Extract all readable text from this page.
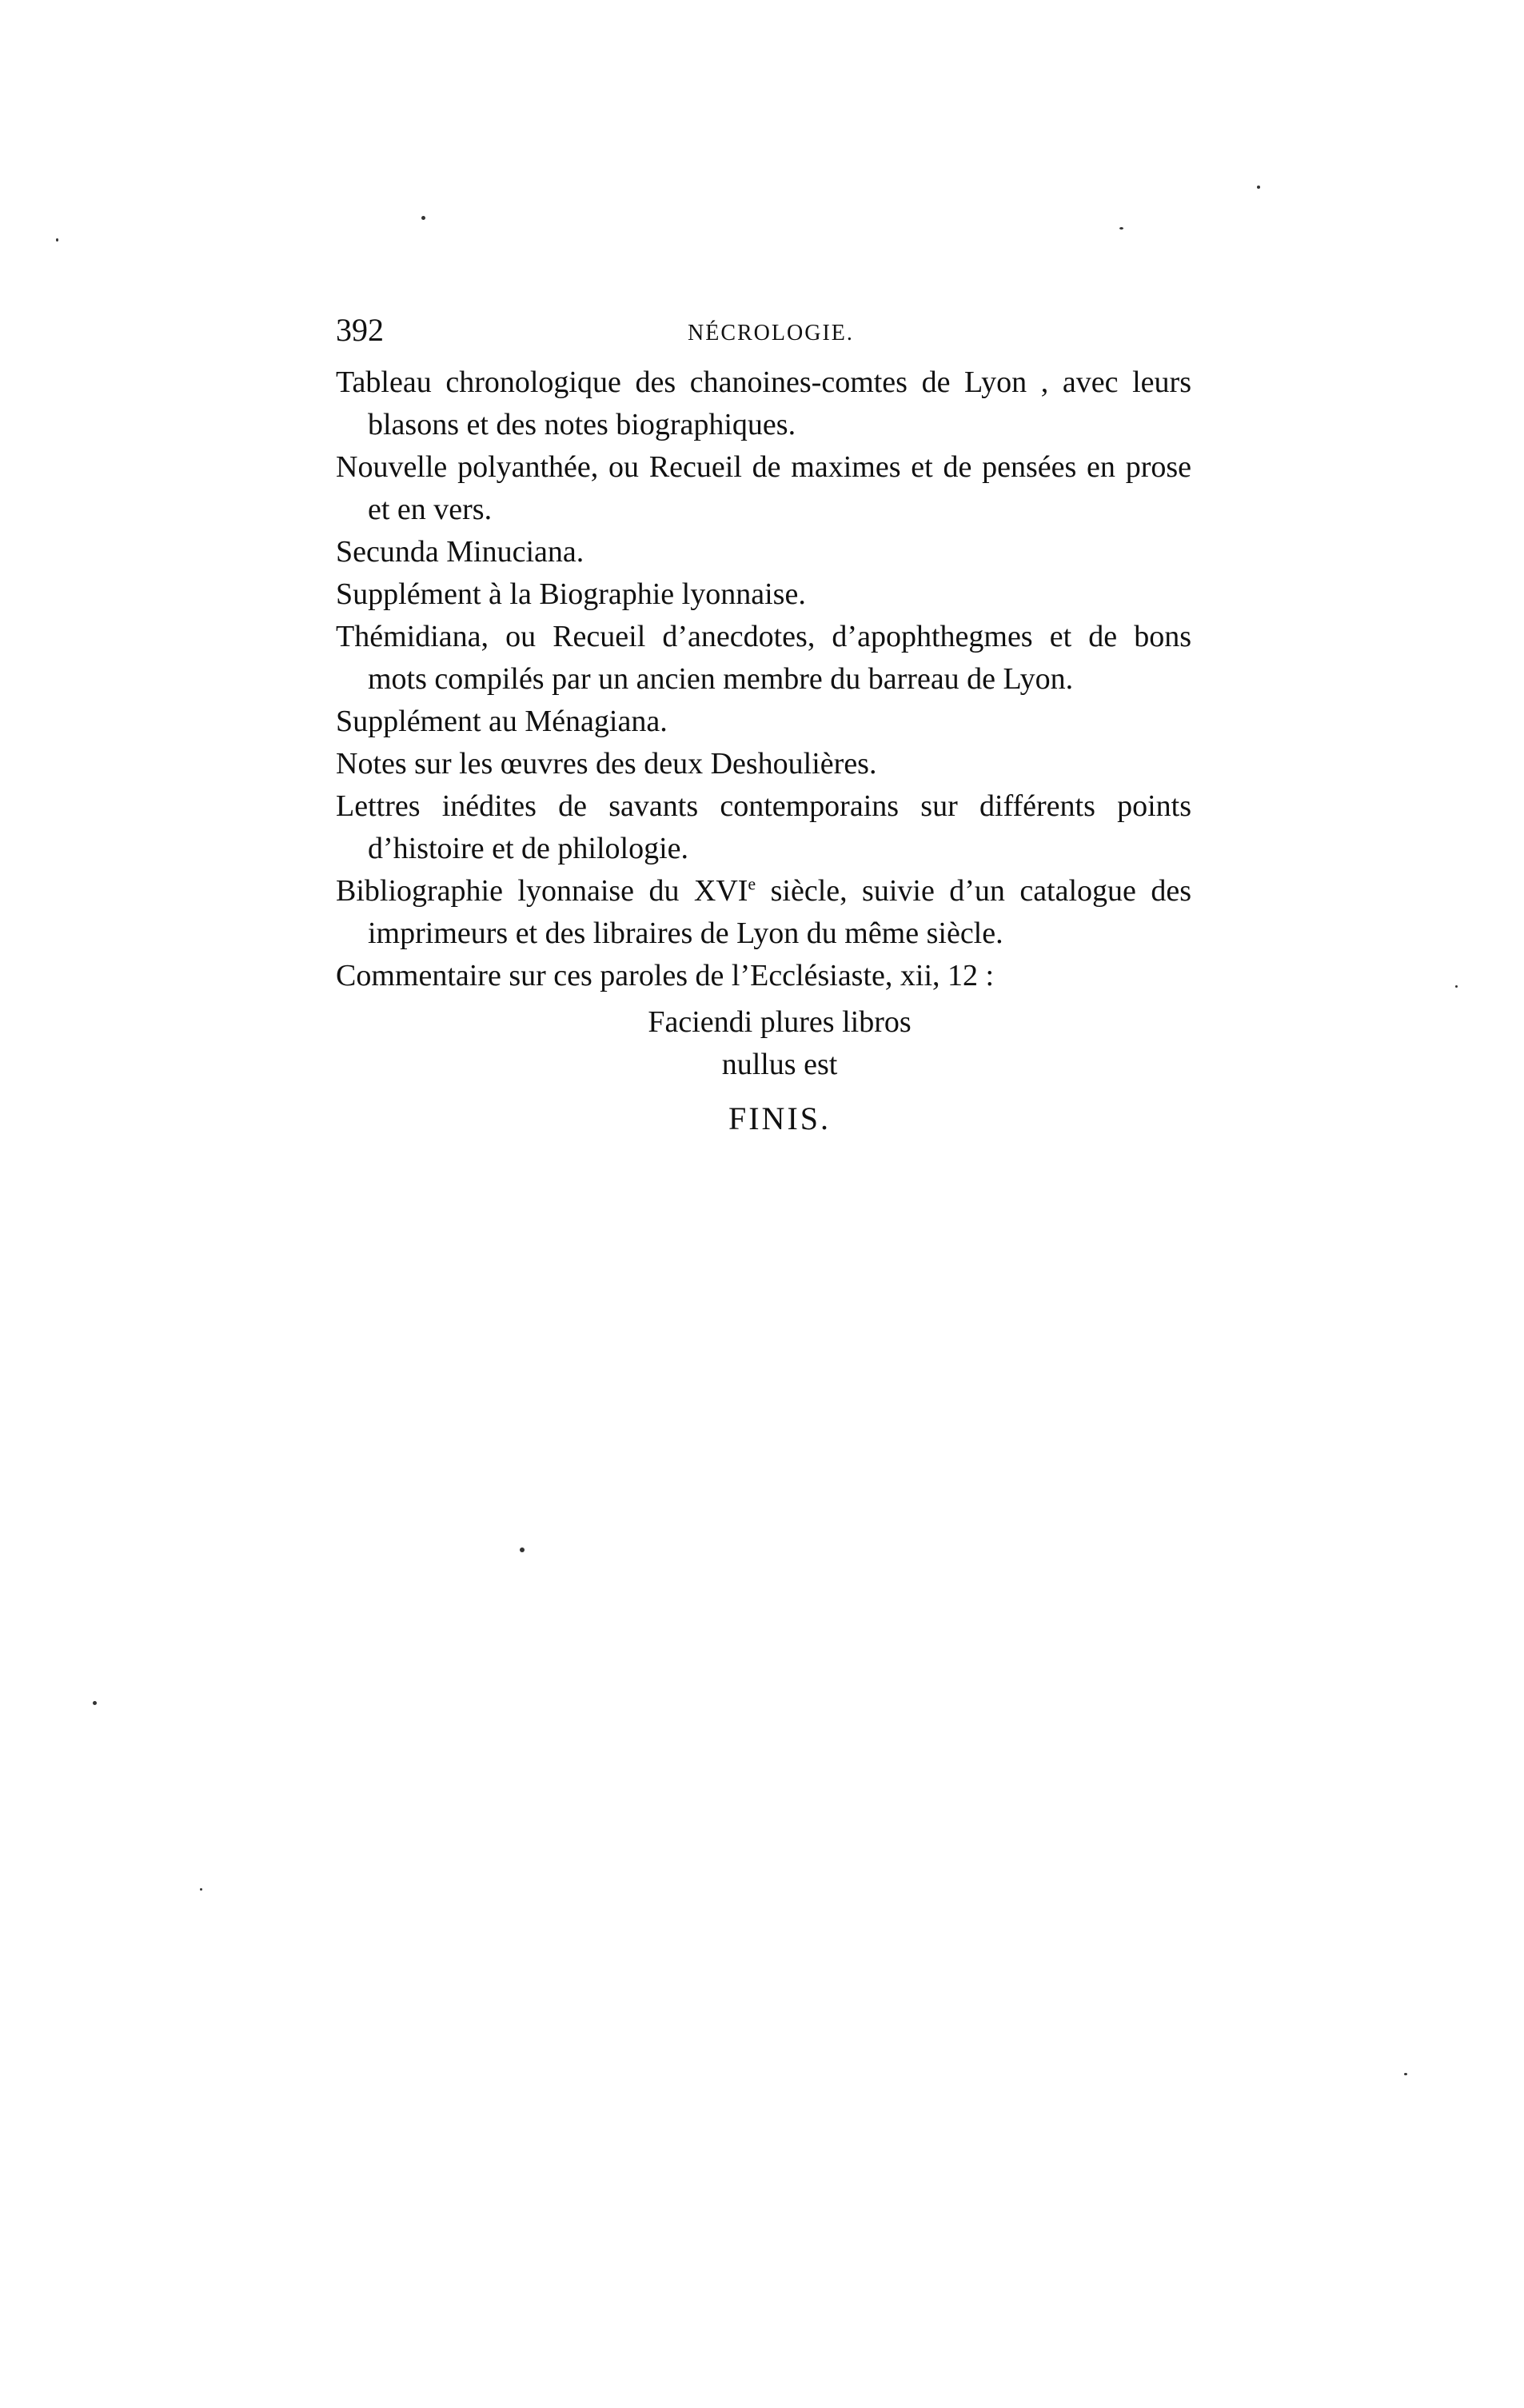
392	NÉCROLOGIE.

Tableau chronologique des chanoines-comtes de Lyon , avec leurs blasons et des notes biographiques.

Nouvelle polyanthée, ou Recueil de maximes et de pensées en prose et en vers.

Secunda Minuciana.

Supplément à la Biographie lyonnaise.

Thémidiana, ou Recueil d’anecdotes, d’apophthegmes et de bons mots compilés par un ancien membre du barreau de Lyon.

Supplément au Ménagiana.

Notes sur les œuvres des deux Deshoulières.

Lettres inédites de savants contemporains sur différents points d’histoire et de philologie.

Bibliographie lyonnaise du XVIe siècle, suivie d’un catalogue des imprimeurs et des libraires de Lyon du même siècle.

Commentaire sur ces paroles de l’Ecclésiaste, xii, 12 :

Faciendi plures libros
nullus est
FINIS.
